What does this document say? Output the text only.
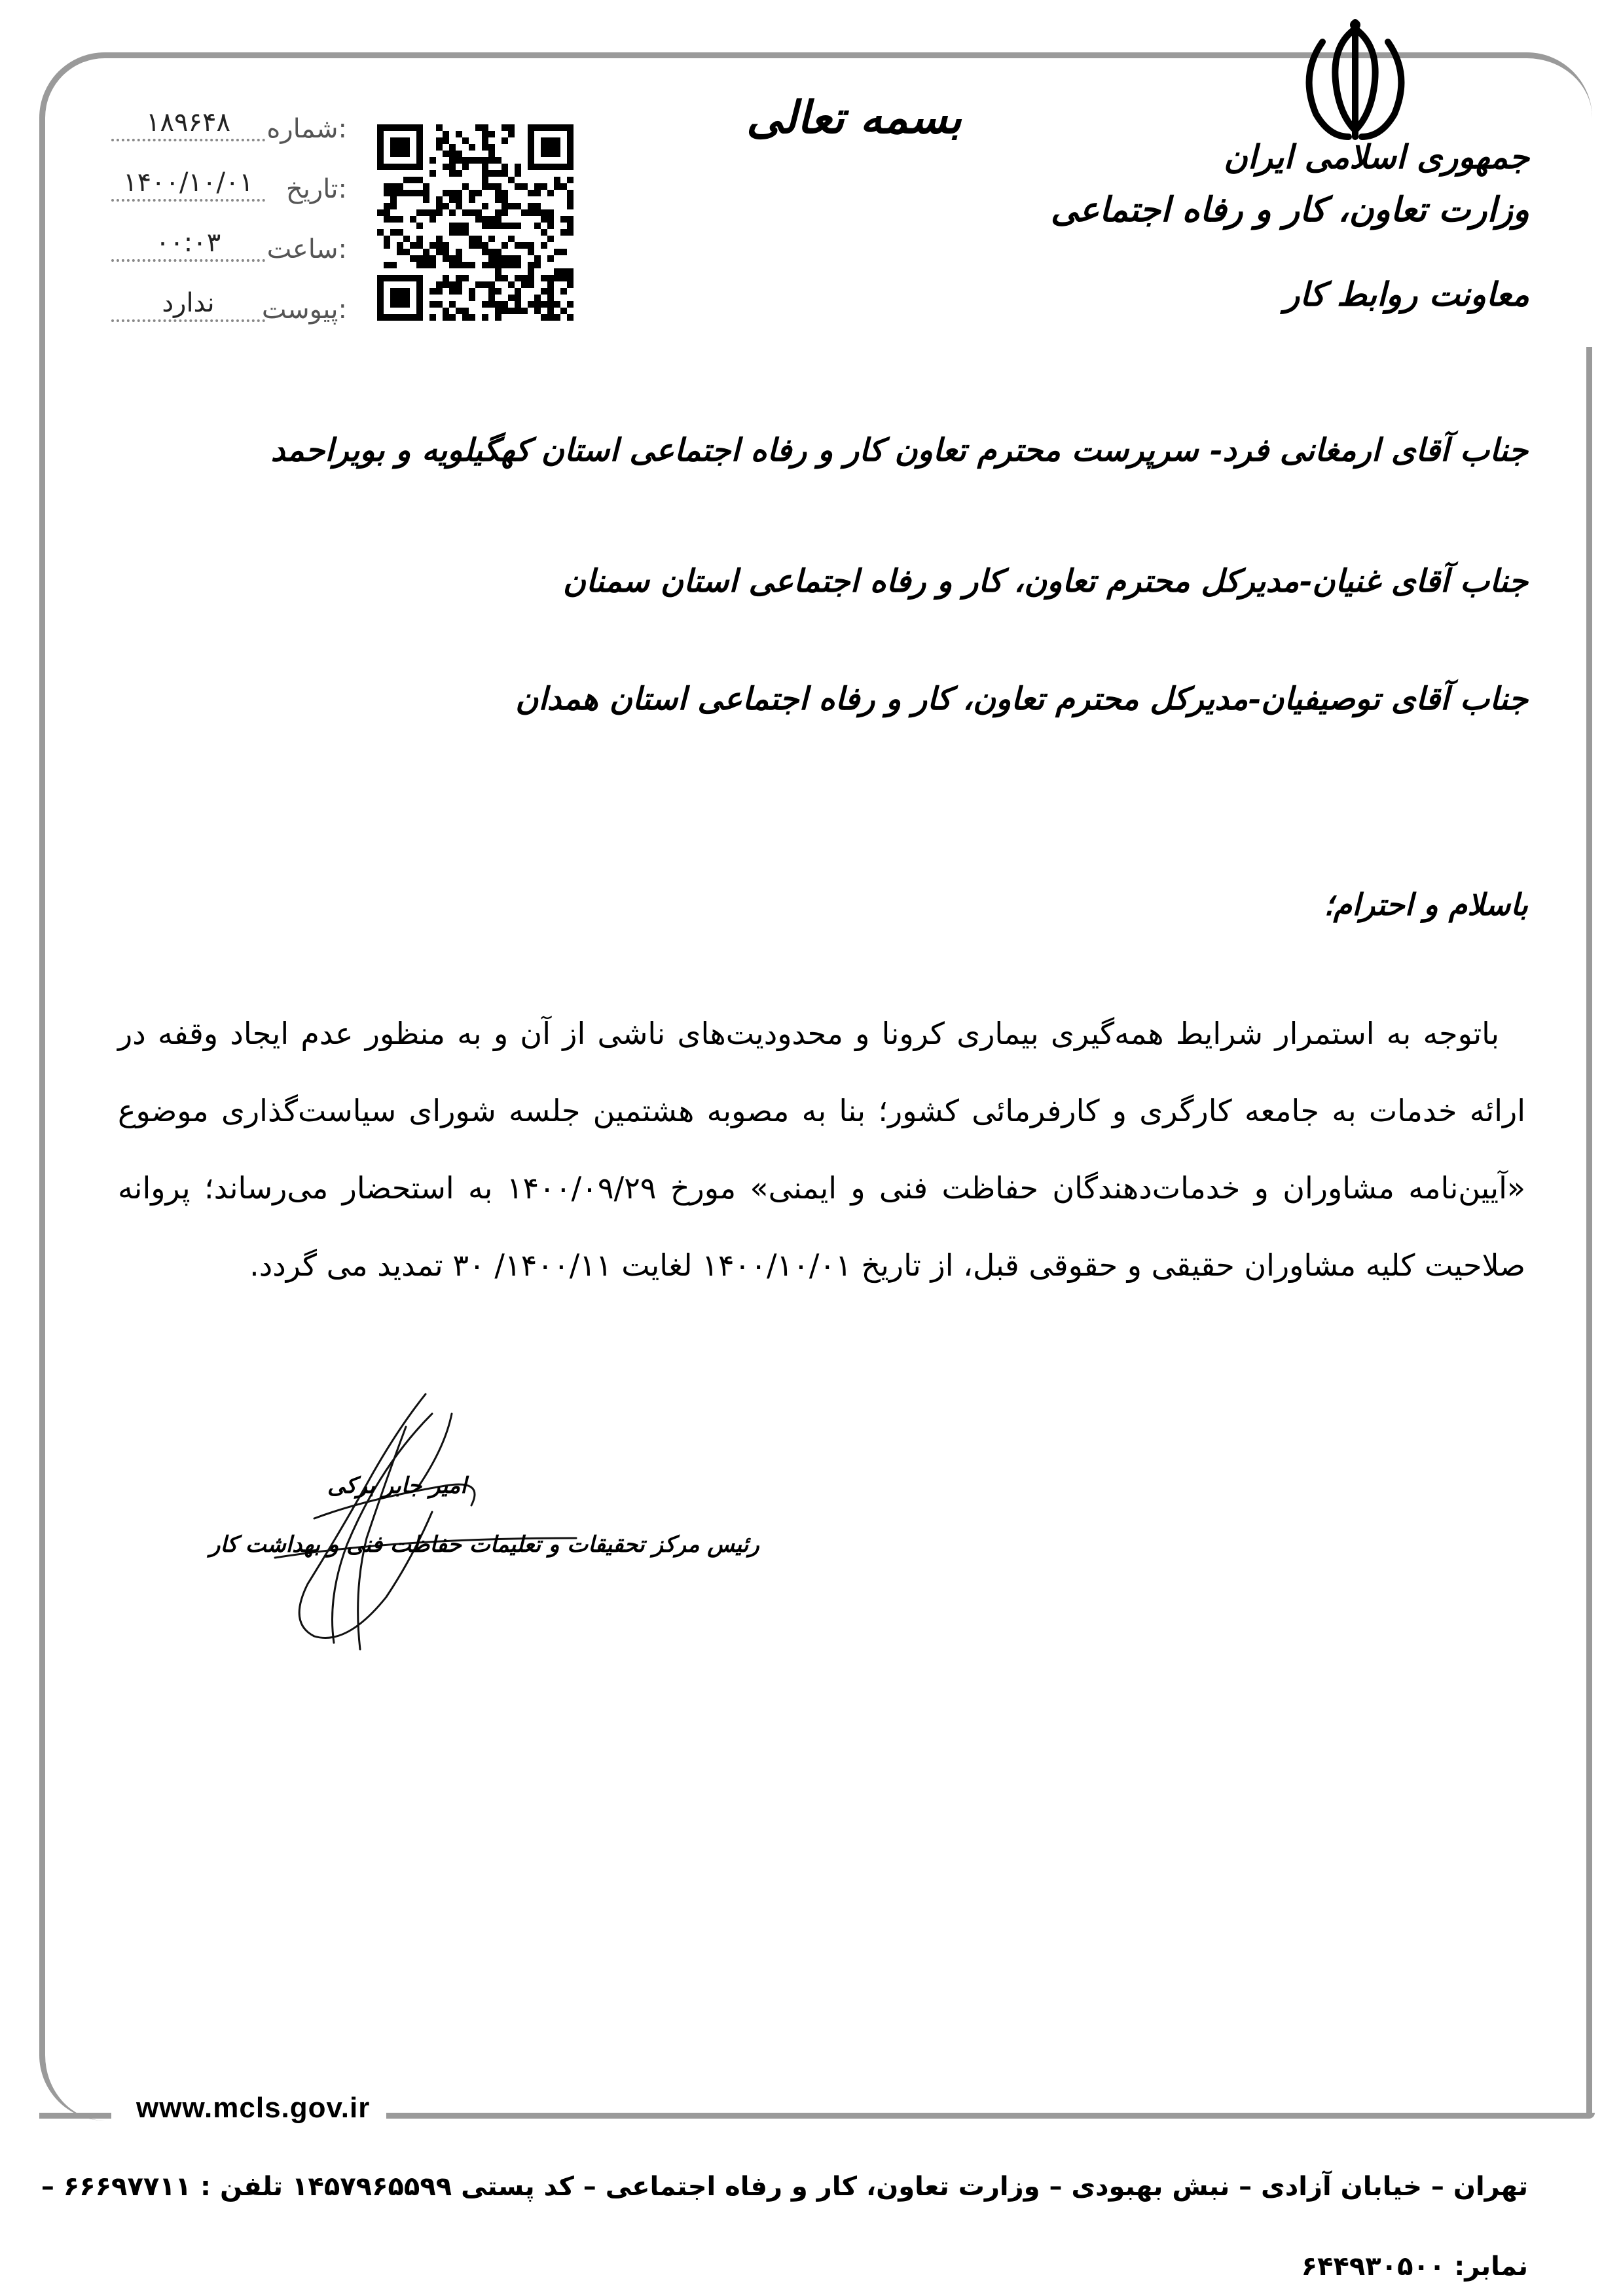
جمهوری اسلامی ایران
وزارت تعاون، کار و رفاه اجتماعی
معاونت روابط کار
بسمه تعالی
شماره:
۱۸۹۶۴۸
تاریخ:
۱۴۰۰/۱۰/۰۱
ساعت:
۰۰:۰۳
پیوست:
ندارد
جناب آقای ارمغانی فرد- سرپرست محترم تعاون کار و رفاه اجتماعی استان کهگیلویه و بویراحمد
جناب آقای غنیان-مدیرکل محترم تعاون، کار و رفاه اجتماعی استان سمنان
جناب آقای توصیفیان-مدیرکل محترم تعاون، کار و رفاه اجتماعی استان همدان
باسلام و احترام؛

باتوجه به استمرار شرایط همه‌گیری بیماری کرونا و محدودیت‌های ناشی از آن و به منظور عدم ایجاد وقفه در ارائه خدمات به جامعه کارگری و کارفرمائی کشور؛ بنا به مصوبه هشتمین جلسه شورای سیاست‌گذاری موضوع «آیین‌نامه مشاوران و خدمات‌دهندگان حفاظت فنی و ایمنی» مورخ ۱۴۰۰/۰۹/۲۹ به استحضار می‌رساند؛ پروانه صلاحیت کلیه مشاوران حقیقی و حقوقی قبل، از تاریخ ۱۴۰۰/۱۰/۰۱ لغایت ۱۴۰۰/۱۱/ ۳۰ تمدید می گردد.

امیر جابر برکی
رئیس مرکز تحقیقات و تعلیمات حفاظت فنی و بهداشت کار
www.mcls.gov.ir
تهران – خیابان آزادی – نبش بهبودی – وزارت تعاون، کار و رفاه اجتماعی – کد پستی ۱۴۵۷۹۶۵۵۹۹ تلفن : ۶۶۶۹۷۷۱۱ –
نمابر: ۶۴۴۹۳۰۵۰۰
